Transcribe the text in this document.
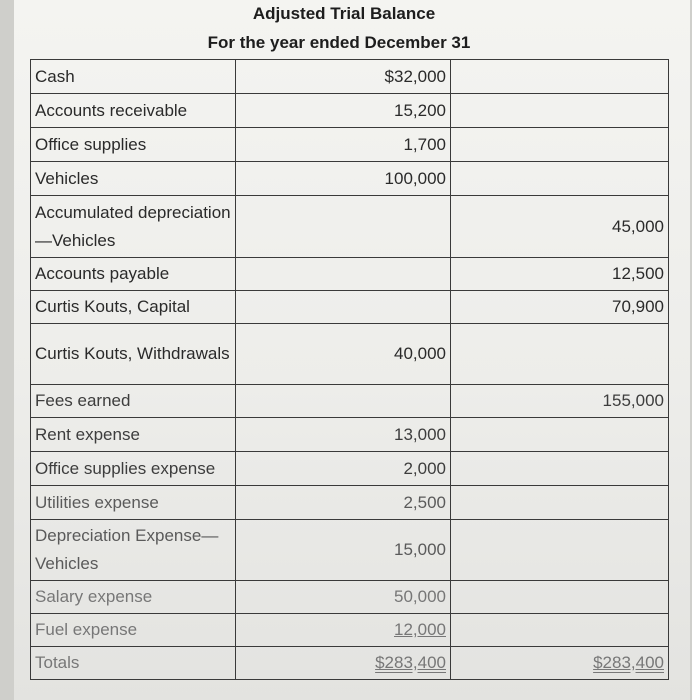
Adjusted Trial Balance
For the year ended December 31
Cash	$32,000	
Accounts receivable	15,200	
Office supplies	1,700	
Vehicles	100,000	
Accumulated depreciation—Vehicles		45,000
Accounts payable		12,500
Curtis Kouts, Capital		70,900
Curtis Kouts, Withdrawals	40,000	
Fees earned		155,000
Rent expense	13,000	
Office supplies expense	2,000	
Utilities expense	2,500	
Depreciation Expense—Vehicles	15,000	
Salary expense	50,000	
Fuel expense	12,000	
Totals	$283,400	$283,400
